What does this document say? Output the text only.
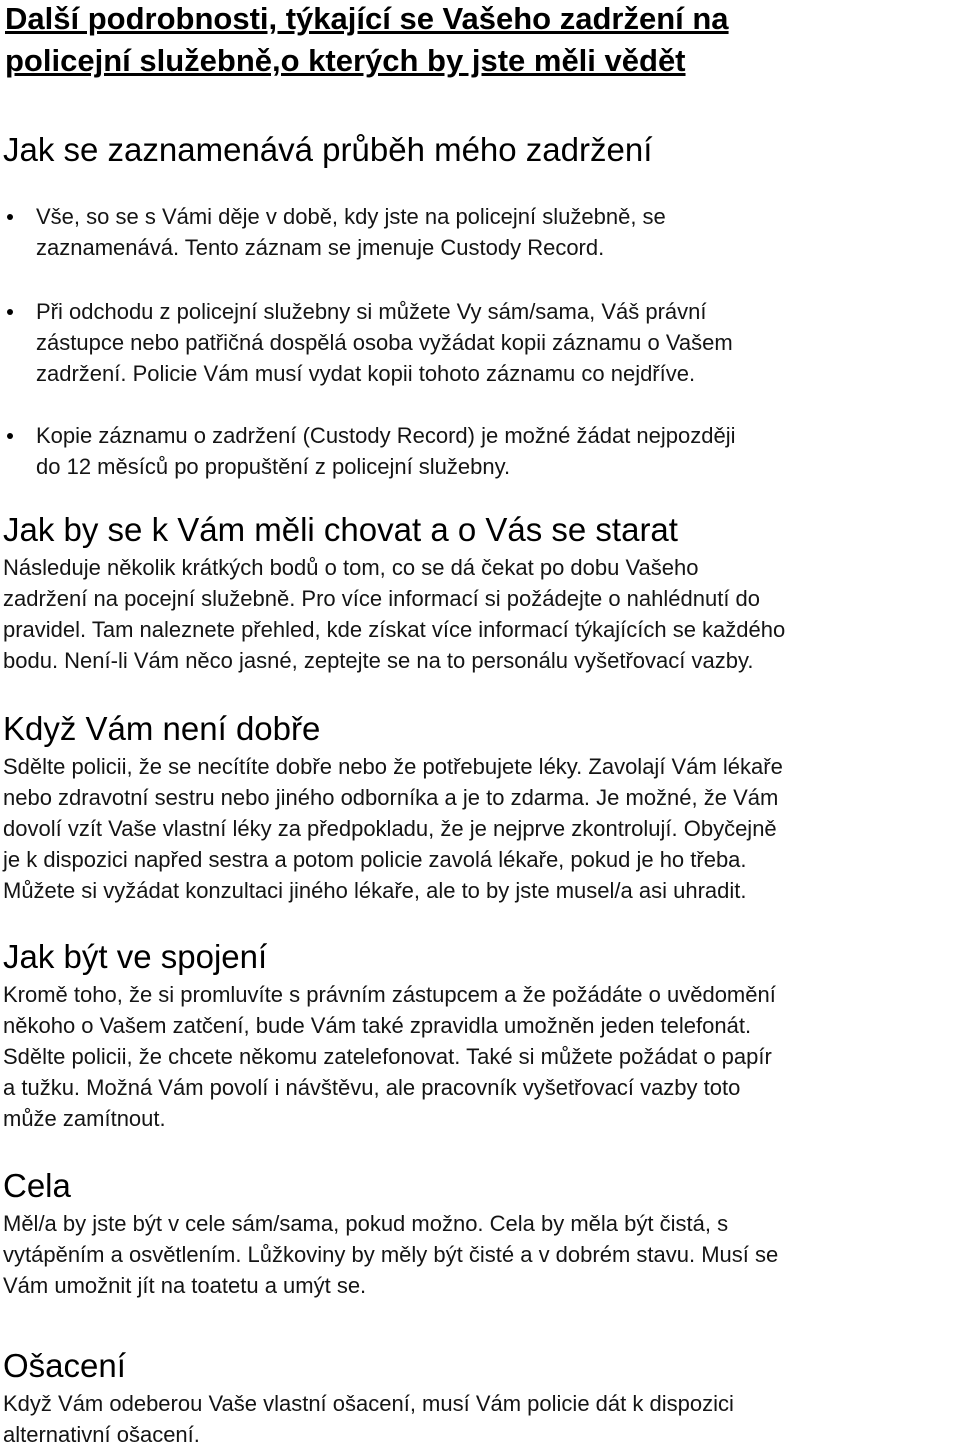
Další podrobnosti, týkající se Vašeho zadržení na
policejní služebně,o kterých by jste měli vědět
Jak se zaznamenává průběh mého zadržení
Vše, so se s Vámi děje v době, kdy jste na policejní služebně, se
zaznamenává. Tento záznam se jmenuje Custody Record.
Při odchodu z policejní služebny si můžete Vy sám/sama, Váš právní
zástupce nebo patřičná dospělá osoba vyžádat kopii záznamu o Vašem
zadržení. Policie Vám musí vydat kopii tohoto záznamu co nejdříve.
Kopie záznamu o zadržení (Custody Record) je možné žádat nejpozději
do 12 měsíců po propuštění z policejní služebny.
Jak by se k Vám měli chovat a o Vás se starat

Následuje několik krátkých bodů o tom, co se dá čekat po dobu Vašeho
zadržení na pocejní služebně. Pro více informací si požádejte o nahlédnutí do
pravidel. Tam naleznete přehled, kde získat více informací týkajících se každého
bodu. Není-li Vám něco jasné, zeptejte se na to personálu vyšetřovací vazby.

Když Vám není dobře

Sdělte policii, že se necítíte dobře nebo že potřebujete léky. Zavolají Vám lékaře
nebo zdravotní sestru nebo jiného odborníka a je to zdarma. Je možné, že Vám
dovolí vzít Vaše vlastní léky za předpokladu, že je nejprve zkontrolují. Obyčejně
je k dispozici napřed sestra a potom policie zavolá lékaře, pokud je ho třeba.
Můžete si vyžádat konzultaci jiného lékaře, ale to by jste musel/a asi uhradit.

Jak být ve spojení

Kromě toho, že si promluvíte s právním zástupcem a že požádáte o uvědomění
někoho o Vašem zatčení, bude Vám také zpravidla umožněn jeden telefonát.
Sdělte policii, že chcete někomu zatelefonovat. Také si můžete požádat o papír
a tužku. Možná Vám povolí i návštěvu, ale pracovník vyšetřovací vazby toto
může zamítnout.

Cela

Měl/a by jste být v cele sám/sama, pokud možno. Cela by měla být čistá, s
vytápěním a osvětlením. Lůžkoviny by měly být čisté a v dobrém stavu. Musí se
Vám umožnit jít na toatetu a umýt se.

Ošacení

Když Vám odeberou Vaše vlastní ošacení, musí Vám policie dát k dispozici
alternativní ošacení.
